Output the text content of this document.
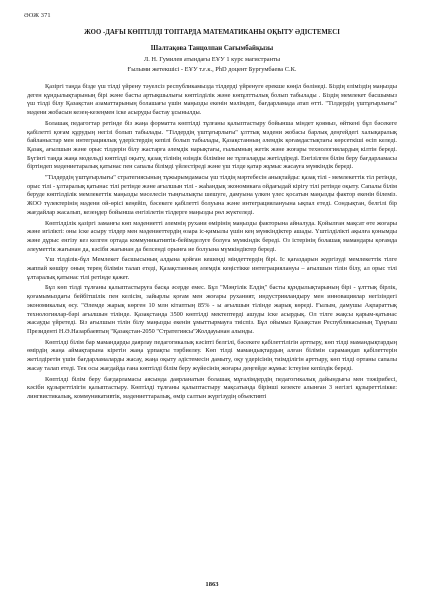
ӘОЖ 371
ЖОО -ДАҒЫ КӨПТІЛДІ ТОПТАРДА МАТЕМАТИКАНЫ ОҚЫТУ ӘДІСТЕМЕСІ
Шалтақова Танцолпан Сағымбайқызы
Л. Н. Гумилев атындағы ЕҰУ 1 курс магистранты
Ғылыми жетекшісі - ЕҰУ т.ғ.к., PhD доцент Бургумбаева С.К.

Қазіргі таңда бізде үш тілді үйрену тәуелсіз республикамызда тілдерді үйренуге ерекше көңіл бөлінеді. Біздің еліміздің маңызды деген құндылықтарының бірі және басты артықшылығы көптілділік және көпұлттылық болып табылады . Біздің мемлекет басшымыз үш тілді білу Қазақстан азаматтарының болашағы үшін маңызды екенін мәлімдеп, бағдарламада атап өтті. "Тілдердің үштұғырлығы" мәдени жобасын кезең-кезеңмен іске асыруды бастау ұсынылды.

Болашақ педагогтар ретінде біз жаңа форматта көптілді тұлғаны қалыптастыру бойынша міндет қоямыз, өйткені бұл бәсекеге қабілетті қоғам құрудың негізі болып табылады. "Тілдердің үштұғырлығы" ұлттық мәдени жобасы барлық деңгейдегі халықаралық байланыстар мен интеграциялық үдерістердің кепілі болып табылады, Қазақстанның әлемдік қоғамдастықтағы көрсеткіші өсіп келеді. Қазақ, ағылшын және орыс тілдерін білу жастарға әлемдік нарықтағы, ғылымның жетік және жоғары технологиялардың кілтін береді. Бүгінгі таңда жаңа модельді көптілді оқыту, қазақ тілінің өзіндік біліміне ие тұлғаларды жетілдіреді. Енгізілген білім беру бағдарламасы біртіндеп мәдениетаралық қатынас пен сапалы білімді үйлестіреді және үш тілде қатар жұмыс жасауға мүмкіндік береді.

"Тілдердің үштұғырлығы" стратегиясының тұжырымдамасы үш тілдің мәртебесін анықтайды: қазақ тілі - мемлекеттік тіл ретінде, орыс тілі - ұлтаралық қатынас тілі ретінде және ағылшын тілі - жаһандық экономикаға ойдағыдай кірігу тілі ретінде оқыту. Сапалы білім беруде көптілділік мемлекеттік маңызды мәселесін тыңғылықты шешуге, дамуына үлкен үлес қосатын маңызды фактор екенін білеміз. ЖОО түлектерінің мәдени ой-өрісі кеңейіп, бәсекеге қабілетті болуына және интеграциялануына ықпал етеді. Сондықтан, белгілі бір жағдайлар жасалып, кезеңдер бойынша енгізілетін тілдерге маңызды рөл жүктеледі.

Көптілділік қазіргі заманғы көп мәдениетті әлемнің рухани өмірінің маңызды факторына айналуда. Қойылған мақсат өте жоғары және игілікті: оны іске асыру тілдер мен мәдениеттердің өзара іс-қимылы үшін кең мүмкіндіктер ашады. Үштілділікті ақылға қонымды және дұрыс енгізу кез келген ортада коммуникативтік-бейімделуге болуға мүмкіндік береді. Оз істерінің болашақ мамандары қоғамда әлеуметтік жағынан да, кәсіби жағынан да белсенді орынға ие болуына мүмкіндіктер береді.

Үш тілділік-бұл Мемлекет басшысының алдына қойған кешенді міндеттердің бірі. Іс қағаздарын жүргізуді мемлекеттік тілге жаппай көшіру оның терең білімін талап етеді, Қазақстанның әлемдік кеңістікке интеграциялануы – ағылшын тілін білу, ал орыс тілі ұлтаралық қатынас тілі ретінде қажет.

Бұл көп тілді тұлғаны қалыптастыруға басқа әсерде емес. Бұл "Мәңгілік Елдің" басты құндылықтарының бірі - ұлттық бірлік, қоғамымыздағы бейбітшілік пен келісім, зайырлы қоғам мен жоғары руханият, индустрияландыру мен инновациялар негізіндегі экономикалық өсу. "Әлемде жарық көрген 10 млн кітаптың 85% - ы ағылшын тілінде жарық көреді. Ғылым, дамушы Ақпараттық технологиялар-бәрі ағылшын тілінде. Қазақстанда 3500 көптілді мектептерді ашуды іске асырдық. Ол тілге жақсы қарым-қатынас жасауды үйретеді. Біз ағылшын тілін білу маңызды екенін ұмыттырмауға тиіспіз. Бұл ойымыз Қазақстан Республикасының Тұңғыш Президенті Н.Ә.Назарбаевтың "Қазақстан-2050 "Стратегиясы"Жолдауынан алынды.

Көптілді білім бар мамандарды даярлау педагогикалық кәсіпті белгілі, бәсекеге қабілеттілігін арттыру, көп тілді мамандықтардың өмірдің жаңа аймақтарына кіретін жаңа ұрпақты тәрбиелеу. Көп тілді мамандықтардың алған білімін сарамандап қабілеттерін жетілдіретін үшін бағдарламаларды жасау, жаңа оқыту әдістемесін дамыту, оқу үдерісінің тиімділігін арттыру, көп тілді ортаны сапалы жасау талап етеді. Тек осы жағдайда ғана көптілді білім беру жүйесінің жоғары деңгейде жұмыс істеуіне кепілдік береді.

Көптілді білім беру бағдарламасы аясында даярланатын болашақ мұғалімдердің педагогикалық дайындығы мен тәжірибесі, кәсіби құзыреттілігін қалыптастыру. Көптілді тұлғаны қалыптастыру мақсатында бірінші кезекте алынған 3 негізгі құзыреттілікке: лингвистикалық, коммуникативтік, мәдениеттаралық, өмір салтын жүргізудің объективті

1863
